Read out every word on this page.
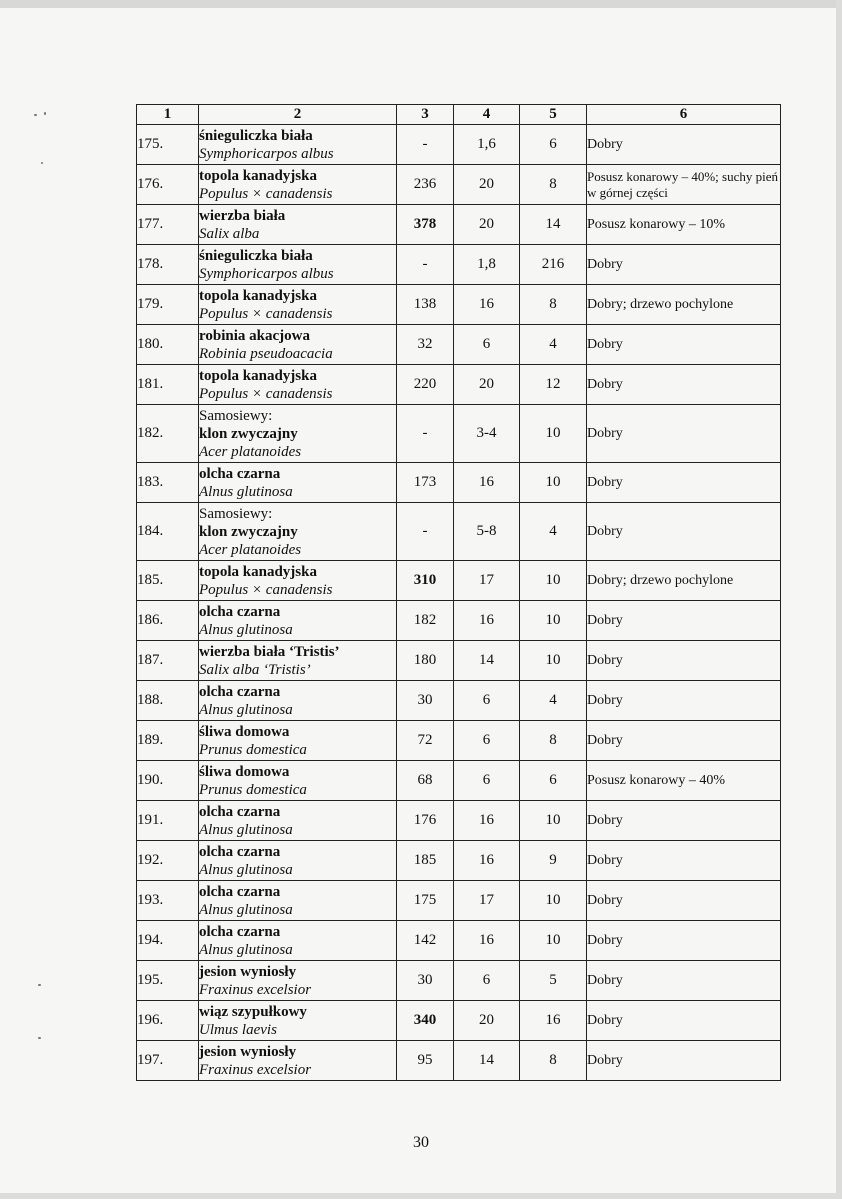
1	2	3	4	5	6
175.	śnieguliczka biała
Symphoricarpos albus	-	1,6	6	Dobry
176.	topola kanadyjska
Populus × canadensis	236	20	8	Posusz konarowy – 40%; suchy pień w górnej części
177.	wierzba biała
Salix alba	378	20	14	Posusz konarowy – 10%
178.	śnieguliczka biała
Symphoricarpos albus	-	1,8	216	Dobry
179.	topola kanadyjska
Populus × canadensis	138	16	8	Dobry; drzewo pochylone
180.	robinia akacjowa
Robinia pseudoacacia	32	6	4	Dobry
181.	topola kanadyjska
Populus × canadensis	220	20	12	Dobry
182.	Samosiewy:
klon zwyczajny
Acer platanoides	-	3-4	10	Dobry
183.	olcha czarna
Alnus glutinosa	173	16	10	Dobry
184.	Samosiewy:
klon zwyczajny
Acer platanoides	-	5-8	4	Dobry
185.	topola kanadyjska
Populus × canadensis	310	17	10	Dobry; drzewo pochylone
186.	olcha czarna
Alnus glutinosa	182	16	10	Dobry
187.	wierzba biała ‘Tristis’
Salix alba ‘Tristis’	180	14	10	Dobry
188.	olcha czarna
Alnus glutinosa	30	6	4	Dobry
189.	śliwa domowa
Prunus domestica	72	6	8	Dobry
190.	śliwa domowa
Prunus domestica	68	6	6	Posusz konarowy – 40%
191.	olcha czarna
Alnus glutinosa	176	16	10	Dobry
192.	olcha czarna
Alnus glutinosa	185	16	9	Dobry
193.	olcha czarna
Alnus glutinosa	175	17	10	Dobry
194.	olcha czarna
Alnus glutinosa	142	16	10	Dobry
195.	jesion wyniosły
Fraxinus excelsior	30	6	5	Dobry
196.	wiąz szypułkowy
Ulmus laevis	340	20	16	Dobry
197.	jesion wyniosły
Fraxinus excelsior	95	14	8	Dobry
30
